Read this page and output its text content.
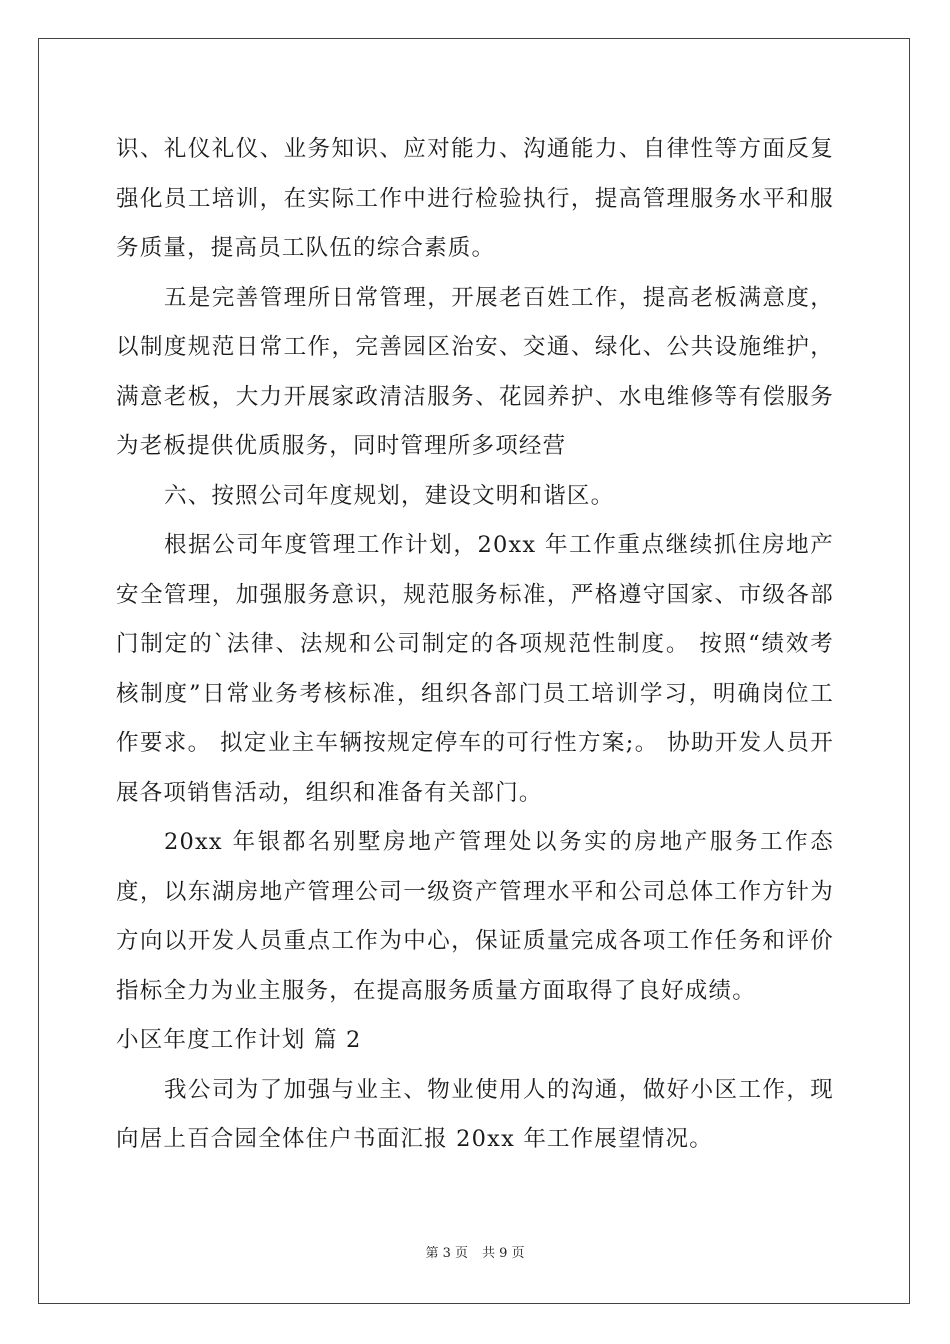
识、礼仪礼仪、业务知识、应对能力、沟通能力、自律性等方面反复强化员工培训，在实际工作中进行检验执行，提高管理服务水平和服务质量，提高员工队伍的综合素质。

五是完善管理所日常管理，开展老百姓工作，提高老板满意度，以制度规范日常工作，完善园区治安、交通、绿化、公共设施维护，满意老板，大力开展家政清洁服务、花园养护、水电维修等有偿服务为老板提供优质服务，同时管理所多项经营

六、按照公司年度规划，建设文明和谐区。

根据公司年度管理工作计划，20xx 年工作重点继续抓住房地产安全管理，加强服务意识，规范服务标准，严格遵守国家、市级各部门制定的`法律、法规和公司制定的各项规范性制度。 按照“绩效考核制度”日常业务考核标准，组织各部门员工培训学习，明确岗位工作要求。 拟定业主车辆按规定停车的可行性方案;。 协助开发人员开展各项销售活动，组织和准备有关部门。

20xx 年银都名别墅房地产管理处以务实的房地产服务工作态度，以东湖房地产管理公司一级资产管理水平和公司总体工作方针为方向以开发人员重点工作为中心，保证质量完成各项工作任务和评价指标全力为业主服务，在提高服务质量方面取得了良好成绩。

小区年度工作计划 篇 2

我公司为了加强与业主、物业使用人的沟通，做好小区工作，现向居上百合园全体住户书面汇报 20xx 年工作展望情况。

第 3 页 共 9 页
